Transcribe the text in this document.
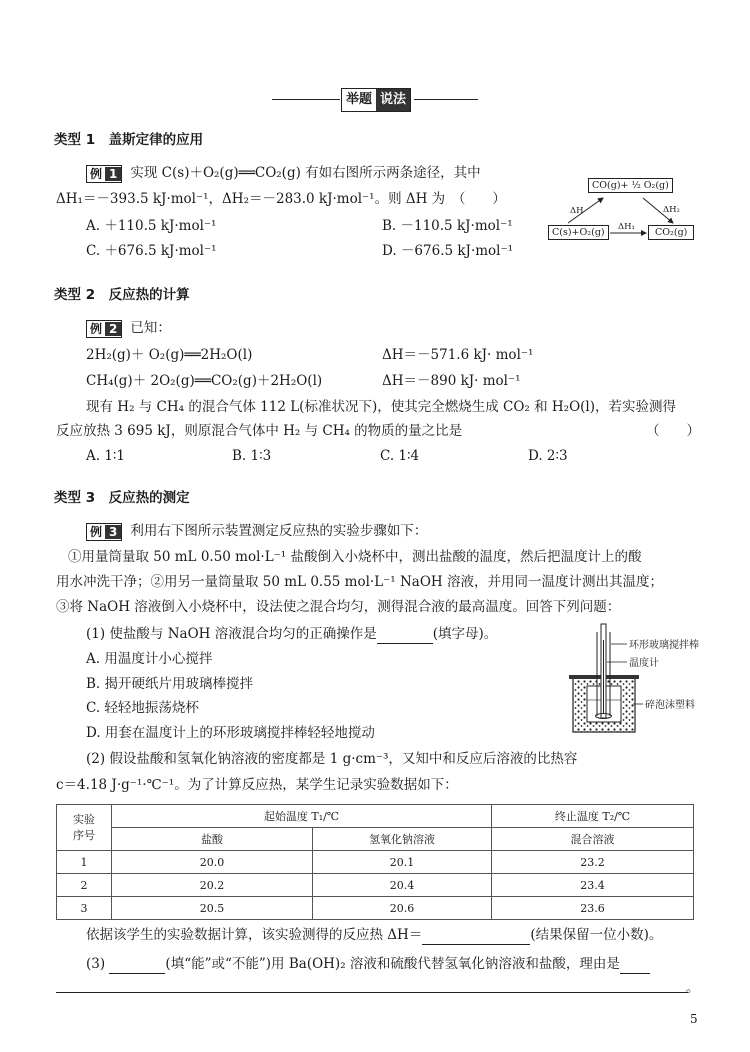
举题 说法
类型 1　盖斯定律的应用
例 1 实现 C(s)＋O₂(g)══CO₂(g) 有如右图所示两条途径，其中
ΔH₁＝－393.5 kJ·mol⁻¹，ΔH₂＝－283.0 kJ·mol⁻¹。则 ΔH 为　（　　）
A. ＋110.5 kJ·mol⁻¹	B. －110.5 kJ·mol⁻¹
C. ＋676.5 kJ·mol⁻¹	D. －676.5 kJ·mol⁻¹
CO(g)+ ½ O₂(g)
C(s)+O₂(g)	CO₂(g)
ΔH	ΔH₂
ΔH₁
类型 2　反应热的计算
例 2 已知：
2H₂(g)＋ O₂(g)══2H₂O(l)	ΔH＝－571.6 kJ· mol⁻¹
CH₄(g)＋ 2O₂(g)══CO₂(g)＋2H₂O(l)	ΔH＝－890 kJ· mol⁻¹
现有 H₂ 与 CH₄ 的混合气体 112 L(标准状况下)，使其完全燃烧生成 CO₂ 和 H₂O(l)，若实验测得
反应放热 3 695 kJ，则原混合气体中 H₂ 与 CH₄ 的物质的量之比是	（　　）
A. 1∶1	B. 1∶3	C. 1∶4	D. 2∶3
类型 3　反应热的测定
例 3 利用右下图所示装置测定反应热的实验步骤如下：
①用量筒量取 50 mL 0.50 mol·L⁻¹ 盐酸倒入小烧杯中，测出盐酸的温度，然后把温度计上的酸
用水冲洗干净；②用另一量筒量取 50 mL 0.55 mol·L⁻¹ NaOH 溶液，并用同一温度计测出其温度；
③将 NaOH 溶液倒入小烧杯中，设法使之混合均匀，测得混合液的最高温度。回答下列问题：
(1) 使盐酸与 NaOH 溶液混合均匀的正确操作是	(填字母)。
A. 用温度计小心搅拌
B. 揭开硬纸片用玻璃棒搅拌
C. 轻轻地振荡烧杯
D. 用套在温度计上的环形玻璃搅拌棒轻轻地搅动
环形玻璃搅拌棒
温度计
碎泡沫塑料
(2) 假设盐酸和氢氧化钠溶液的密度都是 1 g·cm⁻³，又知中和反应后溶液的比热容
c＝4.18 J·g⁻¹·℃⁻¹。为了计算反应热，某学生记录实验数据如下：
实验
序号	起始温度 T₁/℃		终止温度 T₂/℃
	盐酸	氢氧化钠溶液	混合溶液
1	20.0	20.1	23.2
2	20.2	20.4	23.4
3	20.5	20.6	23.6
依据该学生的实验数据计算，该实验测得的反应热 ΔH＝	(结果保留一位小数)。
(3)	(填“能”或“不能”)用 Ba(OH)₂ 溶液和硫酸代替氢氧化钠溶液和盐酸，理由是
。
5
